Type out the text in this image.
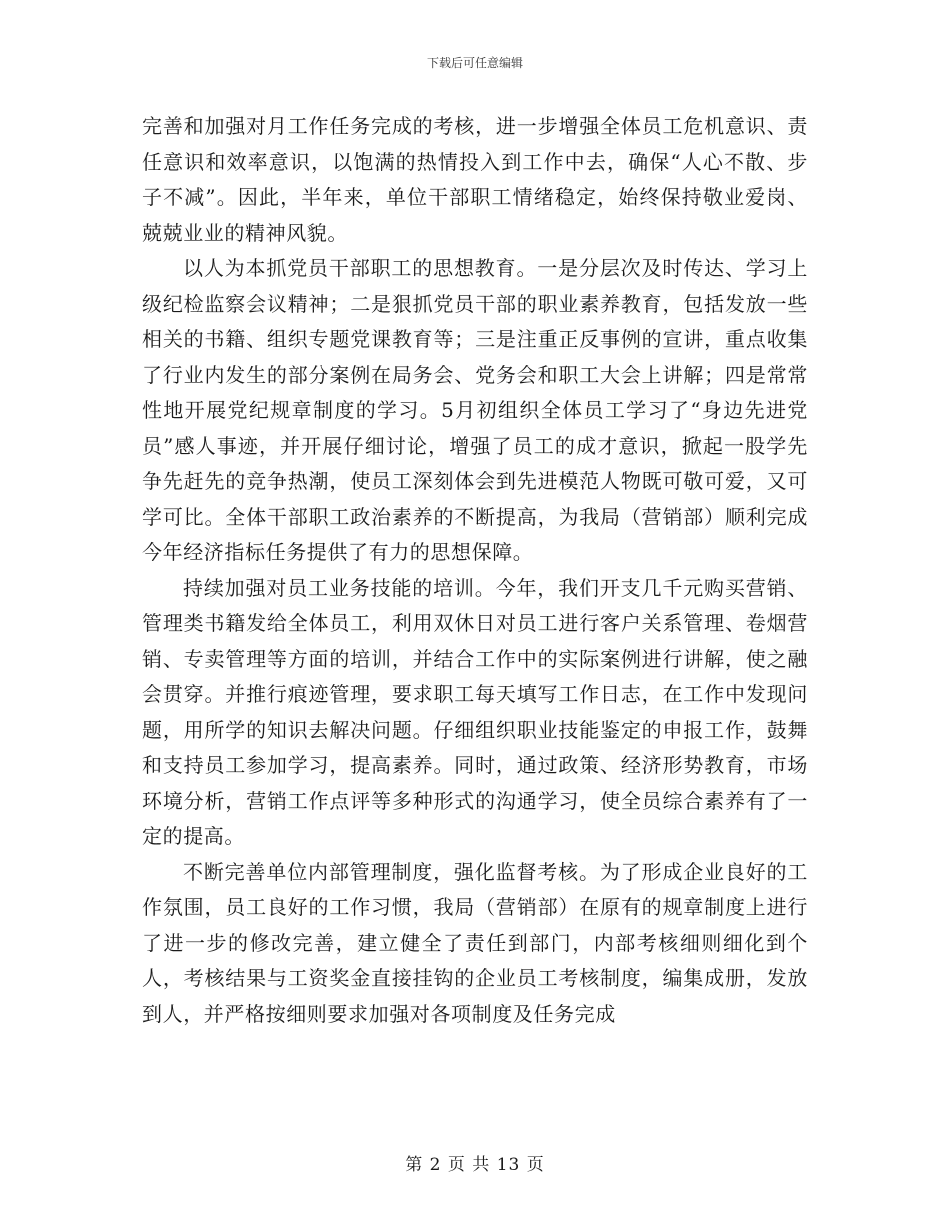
下载后可任意编辑

完善和加强对月工作任务完成的考核，进一步增强全体员工危机意识、责任意识和效率意识，以饱满的热情投入到工作中去，确保“人心不散、步子不减”。因此，半年来，单位干部职工情绪稳定，始终保持敬业爱岗、兢兢业业的精神风貌。

以人为本抓党员干部职工的思想教育。一是分层次及时传达、学习上级纪检监察会议精神；二是狠抓党员干部的职业素养教育，包括发放一些相关的书籍、组织专题党课教育等；三是注重正反事例的宣讲，重点收集了行业内发生的部分案例在局务会、党务会和职工大会上讲解；四是常常性地开展党纪规章制度的学习。5月初组织全体员工学习了“身边先进党员”感人事迹，并开展仔细讨论，增强了员工的成才意识，掀起一股学先争先赶先的竞争热潮，使员工深刻体会到先进模范人物既可敬可爱，又可学可比。全体干部职工政治素养的不断提高，为我局（营销部）顺利完成今年经济指标任务提供了有力的思想保障。

持续加强对员工业务技能的培训。今年，我们开支几千元购买营销、管理类书籍发给全体员工，利用双休日对员工进行客户关系管理、卷烟营销、专卖管理等方面的培训，并结合工作中的实际案例进行讲解，使之融会贯穿。并推行痕迹管理，要求职工每天填写工作日志，在工作中发现问题，用所学的知识去解决问题。仔细组织职业技能鉴定的申报工作，鼓舞和支持员工参加学习，提高素养。同时，通过政策、经济形势教育，市场环境分析，营销工作点评等多种形式的沟通学习，使全员综合素养有了一定的提高。

不断完善单位内部管理制度，强化监督考核。为了形成企业良好的工作氛围，员工良好的工作习惯，我局（营销部）在原有的规章制度上进行了进一步的修改完善，建立健全了责任到部门，内部考核细则细化到个人，考核结果与工资奖金直接挂钩的企业员工考核制度，编集成册，发放到人，并严格按细则要求加强对各项制度及任务完成

第 2 页 共 13 页
